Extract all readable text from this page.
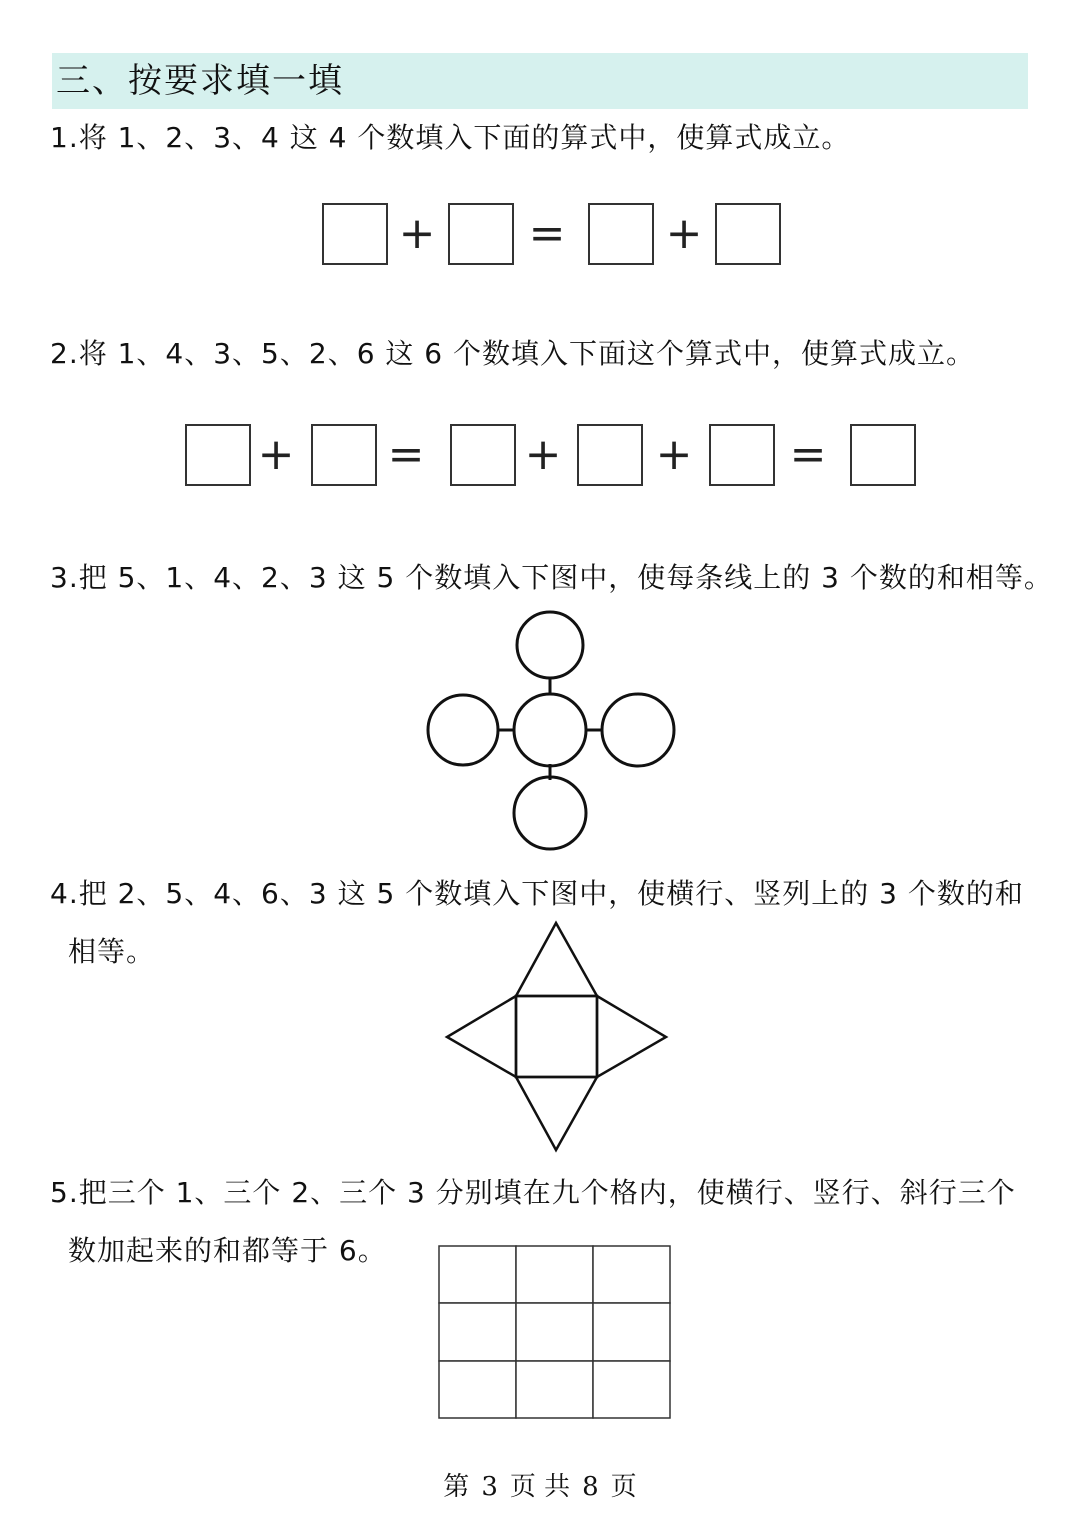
三、按要求填一填
1.将 1、2、3、4 这 4 个数填入下面的算式中，使算式成立。
+ = +
2.将 1、4、3、5、2、6 这 6 个数填入下面这个算式中，使算式成立。
+ = + + =
3.把 5、1、4、2、3 这 5 个数填入下图中，使每条线上的 3 个数的和相等。
4.把 2、5、4、6、3 这 5 个数填入下图中，使横行、竖列上的 3 个数的和
相等。
5.把三个 1、三个 2、三个 3 分别填在九个格内，使横行、竖行、斜行三个
数加起来的和都等于 6。
第 3 页 共 8 页
